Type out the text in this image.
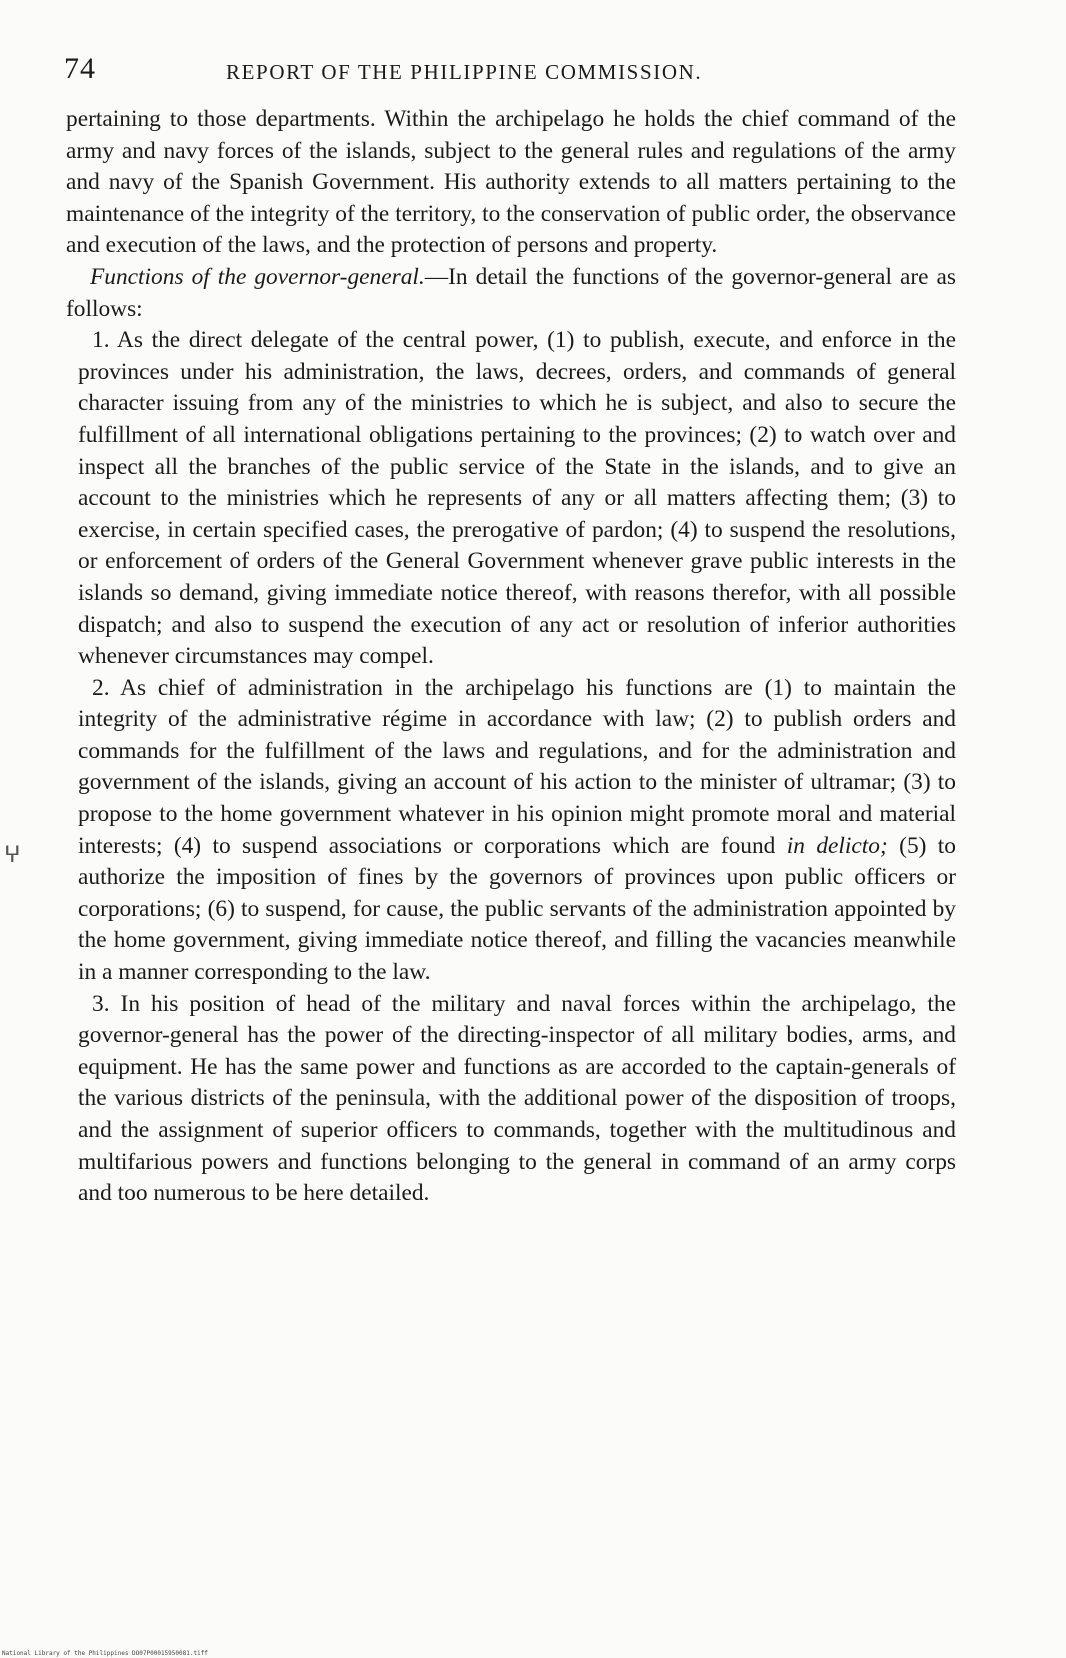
74	REPORT OF THE PHILIPPINE COMMISSION.

pertaining to those departments. Within the archipelago he holds the chief command of the army and navy forces of the islands, subject to the general rules and regulations of the army and navy of the Spanish Government. His authority extends to all matters pertaining to the maintenance of the integrity of the territory, to the conservation of public order, the observance and execution of the laws, and the protection of persons and property.

Functions of the governor-general.—In detail the functions of the governor-general are as follows:

1. As the direct delegate of the central power, (1) to publish, execute, and enforce in the provinces under his administration, the laws, decrees, orders, and commands of general character issuing from any of the ministries to which he is subject, and also to secure the fulfillment of all international obligations pertaining to the provinces; (2) to watch over and inspect all the branches of the public service of the State in the islands, and to give an account to the ministries which he represents of any or all matters affecting them; (3) to exercise, in certain specified cases, the prerogative of pardon; (4) to suspend the resolutions, or enforcement of orders of the General Government whenever grave public interests in the islands so demand, giving immediate notice thereof, with reasons therefor, with all possible dispatch; and also to suspend the execution of any act or resolution of inferior authorities whenever circumstances may compel.

2. As chief of administration in the archipelago his functions are (1) to maintain the integrity of the administrative régime in accordance with law; (2) to publish orders and commands for the fulfillment of the laws and regulations, and for the administration and government of the islands, giving an account of his action to the minister of ultramar; (3) to propose to the home government whatever in his opinion might promote moral and material interests; (4) to suspend associations or corporations which are found in delicto; (5) to authorize the imposition of fines by the governors of provinces upon public officers or corporations; (6) to suspend, for cause, the public servants of the administration appointed by the home government, giving immediate notice thereof, and filling the vacancies meanwhile in a manner corresponding to the law.

3. In his position of head of the military and naval forces within the archipelago, the governor-general has the power of the directing-inspector of all military bodies, arms, and equipment. He has the same power and functions as are accorded to the captain-generals of the various districts of the peninsula, with the additional power of the disposition of troops, and the assignment of superior officers to commands, together with the multitudinous and multifarious powers and functions belonging to the general in command of an army corps and too numerous to be here detailed.

ⵖ
National Library of the Philippines DO07P00015950081.tiff
